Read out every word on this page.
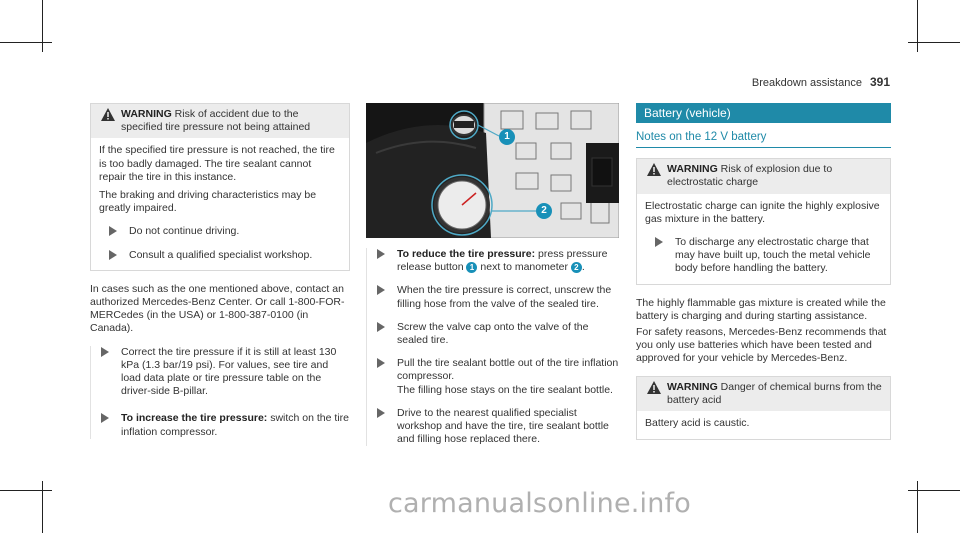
Breakdown assistance 391
WARNING Risk of accident due to the specified tire pressure not being attained

If the specified tire pressure is not reached, the tire is too badly damaged. The tire sealant cannot repair the tire in this instance.

The braking and driving characteristics may be greatly impaired.

Do not continue driving.
Consult a qualified specialist workshop.
In cases such as the one mentioned above, contact an authorized Mercedes-Benz Center. Or call 1-800-FOR-MERCedes (in the USA) or 1-800-387-0100 (in Canada).
Correct the tire pressure if it is still at least 130 kPa (1.3 bar/19 psi). For values, see tire and load data plate or tire pressure table on the driver-side B-pillar.
To increase the tire pressure: switch on the tire inflation compressor.
1
2
To reduce the tire pressure: press pressure release button 1 next to manometer 2 .
When the tire pressure is correct, unscrew the filling hose from the valve of the sealed tire.
Screw the valve cap onto the valve of the sealed tire.
Pull the tire sealant bottle out of the tire inflation compressor.
The filling hose stays on the tire sealant bottle.
Drive to the nearest qualified specialist workshop and have the tire, tire sealant bottle and filling hose replaced there.
Battery (vehicle)
Notes on the 12 V battery
WARNING Risk of explosion due to electrostatic charge

Electrostatic charge can ignite the highly explosive gas mixture in the battery.

To discharge any electrostatic charge that may have built up, touch the metal vehicle body before handling the battery.

The highly flammable gas mixture is created while the battery is charging and during starting assistance.

For safety reasons, Mercedes-Benz recommends that you only use batteries which have been tested and approved for your vehicle by Mercedes-Benz.

WARNING Danger of chemical burns from the battery acid

Battery acid is caustic.

carmanualsonline.info
